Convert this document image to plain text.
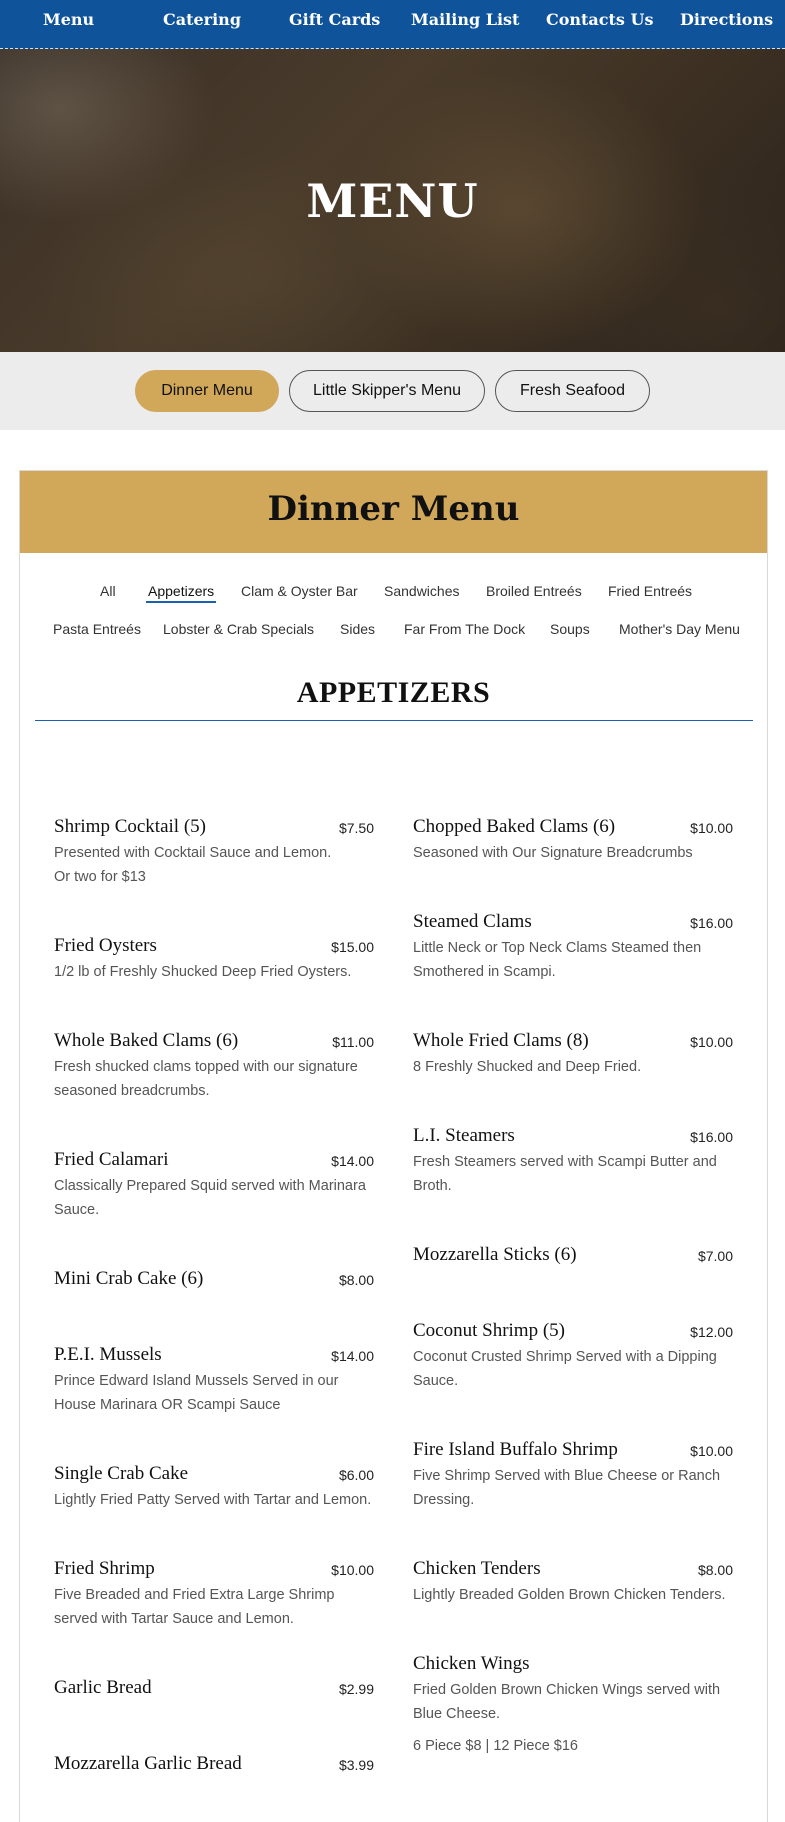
Menu	Catering	Gift Cards Mailing List Contacts Us Directions
MENU
Dinner Menu	Little Skipper's Menu	Fresh Seafood
Dinner Menu
All Appetizers Clam & Oyster Bar Sandwiches Broiled Entreés Fried Entreés
Pasta Entreés Lobster & Crab Specials Sides Far From The Dock Soups Mother's Day Menu
APPETIZERS
Shrimp Cocktail (5)	$7.50
Presented with Cocktail Sauce and Lemon. Or two for $13
Fried Oysters	$15.00
1/2 lb of Freshly Shucked Deep Fried Oysters.
Whole Baked Clams (6)	$11.00
Fresh shucked clams topped with our signature seasoned breadcrumbs.
Fried Calamari	$14.00
Classically Prepared Squid served with Marinara Sauce.
Mini Crab Cake (6)	$8.00
P.E.I. Mussels	$14.00
Prince Edward Island Mussels Served in our House Marinara OR Scampi Sauce
Single Crab Cake	$6.00
Lightly Fried Patty Served with Tartar and Lemon.
Fried Shrimp	$10.00
Five Breaded and Fried Extra Large Shrimp served with Tartar Sauce and Lemon.
Garlic Bread	$2.99
Mozzarella Garlic Bread	$3.99
Chopped Baked Clams (6)	$10.00
Seasoned with Our Signature Breadcrumbs
Steamed Clams	$16.00
Little Neck or Top Neck Clams Steamed then Smothered in Scampi.
Whole Fried Clams (8)	$10.00
8 Freshly Shucked and Deep Fried.
L.I. Steamers	$16.00
Fresh Steamers served with Scampi Butter and Broth.
Mozzarella Sticks (6)	$7.00
Coconut Shrimp (5)	$12.00
Coconut Crusted Shrimp Served with a Dipping Sauce.
Fire Island Buffalo Shrimp	$10.00
Five Shrimp Served with Blue Cheese or Ranch Dressing.
Chicken Tenders	$8.00
Lightly Breaded Golden Brown Chicken Tenders.
Chicken Wings
Fried Golden Brown Chicken Wings served with Blue Cheese.
6 Piece $8 | 12 Piece $16
